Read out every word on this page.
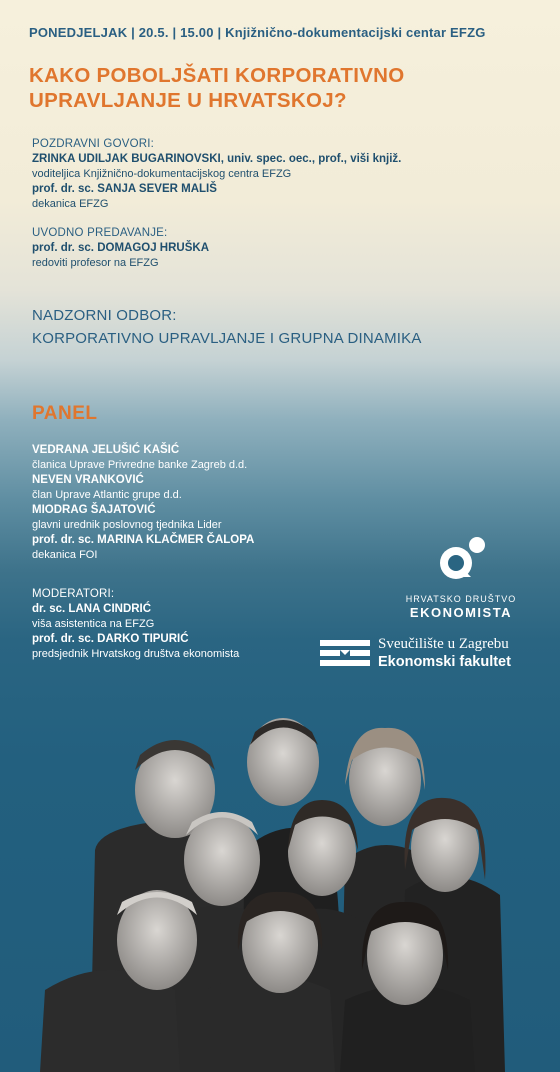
PONEDJELJAK | 20.5. | 15.00 | Knjižnično-dokumentacijski centar EFZG
KAKO POBOLJŠATI KORPORATIVNO
UPRAVLJANJE U HRVATSKOJ?
POZDRAVNI GOVORI:
ZRINKA UDILJAK BUGARINOVSKI, univ. spec. oec., prof., viši knjiž.
voditeljica Knjižnično-dokumentacijskog centra EFZG
prof. dr. sc. SANJA SEVER MALIŠ
dekanica EFZG
UVODNO PREDAVANJE:
prof. dr. sc. DOMAGOJ HRUŠKA
redoviti profesor na EFZG
NADZORNI ODBOR:
KORPORATIVNO UPRAVLJANJE I GRUPNA DINAMIKA
PANEL
VEDRANA JELUŠIĆ KAŠIĆ
članica Uprave Privredne banke Zagreb d.d.
NEVEN VRANKOVIĆ
član Uprave Atlantic grupe d.d.
MIODRAG ŠAJATOVIĆ
glavni urednik poslovnog tjednika Lider
prof. dr. sc. MARINA KLAČMER ČALOPA
dekanica FOI
MODERATORI:
dr. sc. LANA CINDRIĆ
viša asistentica na EFZG
prof. dr. sc. DARKO TIPURIĆ
predsjednik Hrvatskog društva ekonomista
HRVATSKO DRUŠTVO
EKONOMISTA
Sveučilište u Zagrebu
Ekonomski fakultet
